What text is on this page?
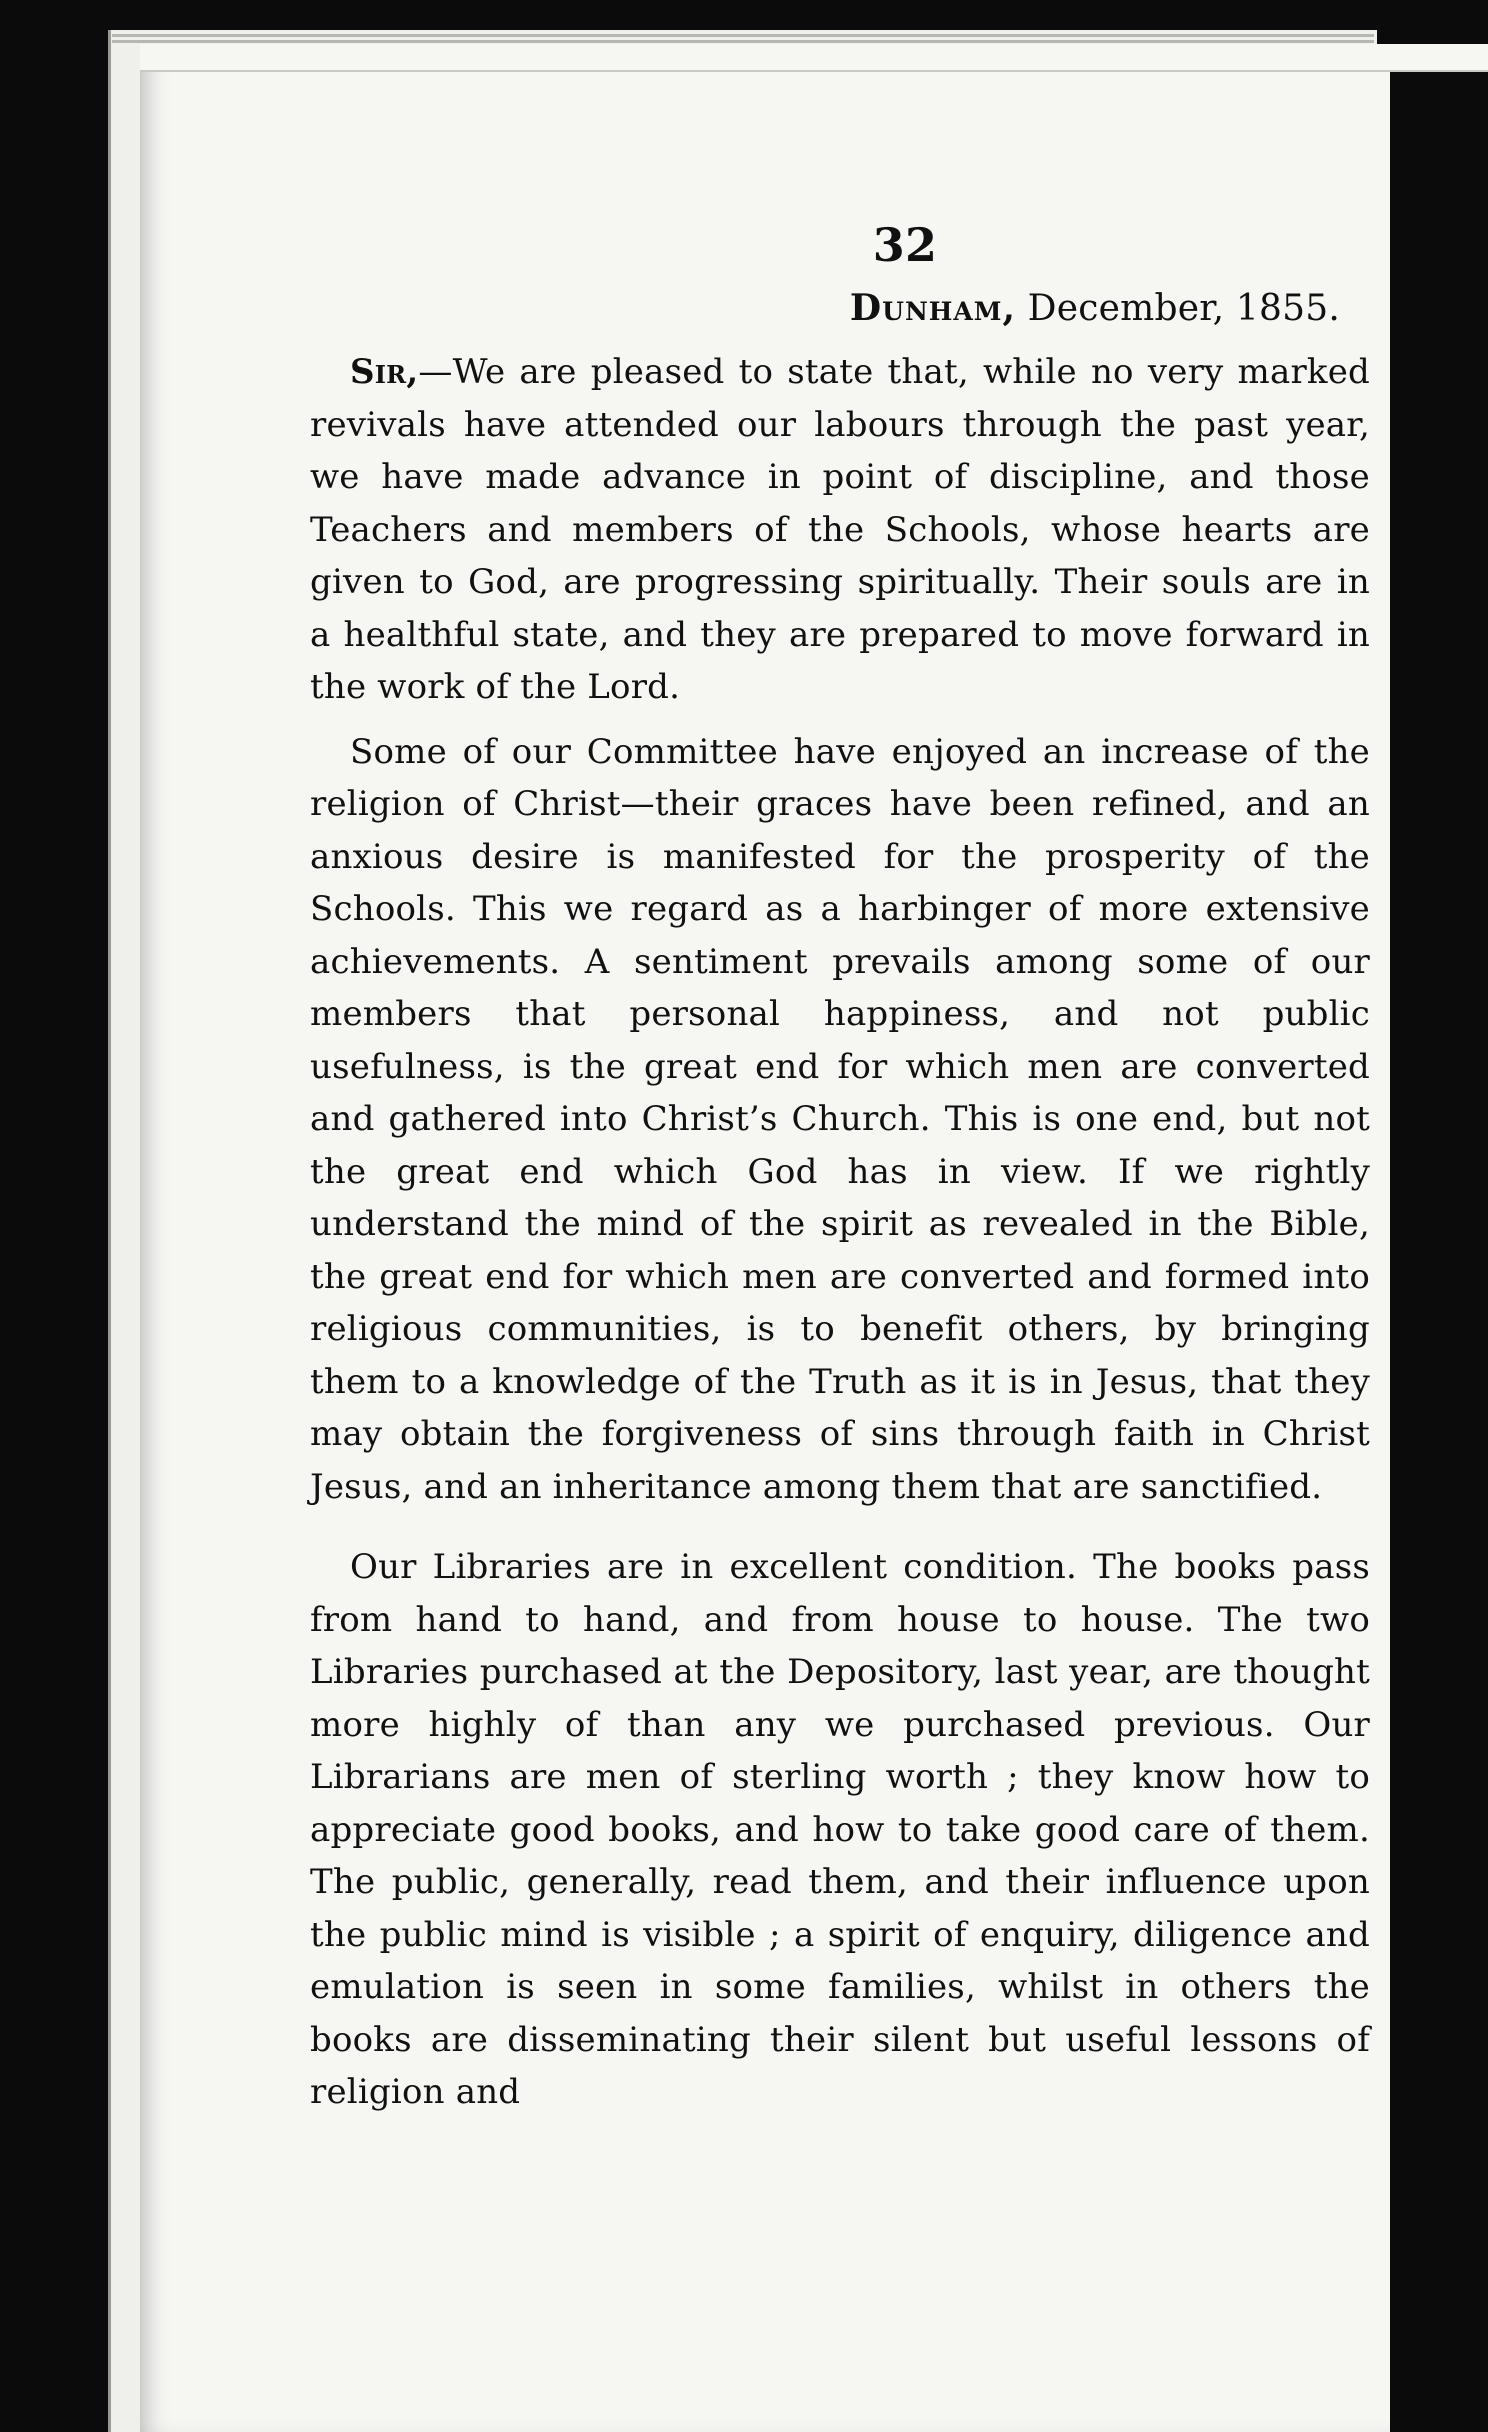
32
Dunham, December, 1855.

Sir,—We are pleased to state that, while no very marked revivals have attended our labours through the past year, we have made advance in point of discipline, and those Teachers and members of the Schools, whose hearts are given to God, are progressing spiritually. Their souls are in a healthful state, and they are prepared to move forward in the work of the Lord.

Some of our Committee have enjoyed an increase of the religion of Christ—their graces have been refined, and an anxious desire is manifested for the prosperity of the Schools. This we regard as a harbinger of more extensive achievements. A sentiment prevails among some of our members that personal happiness, and not public usefulness, is the great end for which men are converted and gathered into Christ’s Church. This is one end, but not the great end which God has in view. If we rightly understand the mind of the spirit as revealed in the Bible, the great end for which men are converted and formed into religious communities, is to benefit others, by bringing them to a knowledge of the Truth as it is in Jesus, that they may obtain the forgiveness of sins through faith in Christ Jesus, and an inheritance among them that are sanctified.

Our Libraries are in excellent condition. The books pass from hand to hand, and from house to house. The two Libraries purchased at the Depository, last year, are thought more highly of than any we purchased previous. Our Librarians are men of sterling worth ; they know how to appreciate good books, and how to take good care of them. The public, generally, read them, and their influence upon the public mind is visible ; a spirit of enquiry, diligence and emulation is seen in some families, whilst in others the books are disseminating their silent but useful lessons of religion and
